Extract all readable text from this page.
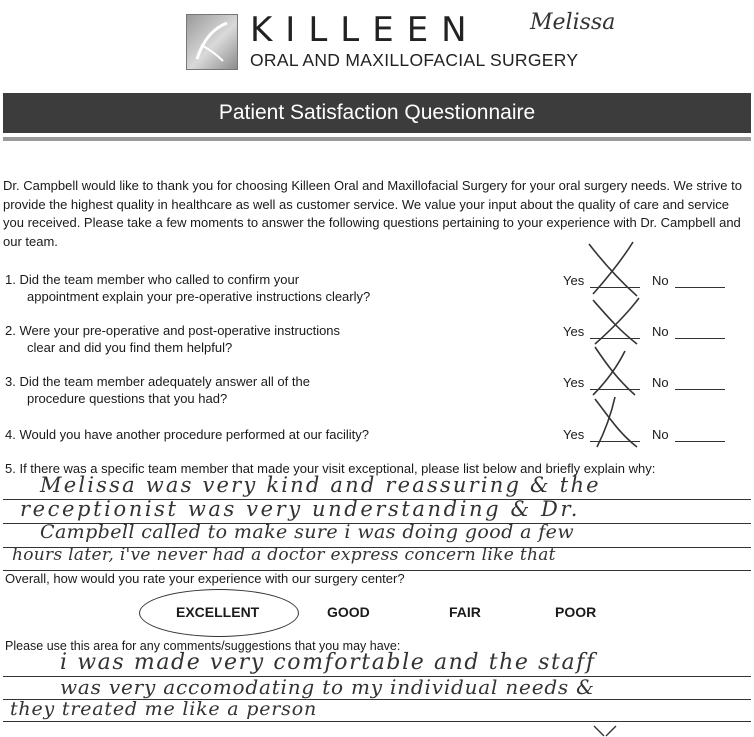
KILLEEN
ORAL AND MAXILLOFACIAL SURGERY
Melissa
Patient Satisfaction Questionnaire
Dr. Campbell would like to thank you for choosing Killeen Oral and Maxillofacial Surgery for your oral surgery needs. We strive to provide the highest quality in healthcare as well as customer service. We value your input about the quality of care and service you received. Please take a few moments to answer the following questions pertaining to your experience with Dr. Campbell and our team.
1. Did the team member who called to confirm your
appointment explain your pre-operative instructions clearly?
Yes	No
2. Were your pre-operative and post-operative instructions
clear and did you find them helpful?
Yes	No
3. Did the team member adequately answer all of the
procedure questions that you had?
Yes	No
4. Would you have another procedure performed at our facility?	Yes	No
5. If there was a specific team member that made your visit exceptional, please list below and briefly explain why:
Melissa was very kind and reassuring & the
receptionist was very understanding & Dr.
Campbell called to make sure i was doing good a few
hours later, i've never had a doctor express concern like that
Overall, how would you rate your experience with our surgery center?
EXCELLENT	GOOD	FAIR	POOR
Please use this area for any comments/suggestions that you may have:
i was made very comfortable and the staff
was very accomodating to my individual needs &
they treated me like a person
